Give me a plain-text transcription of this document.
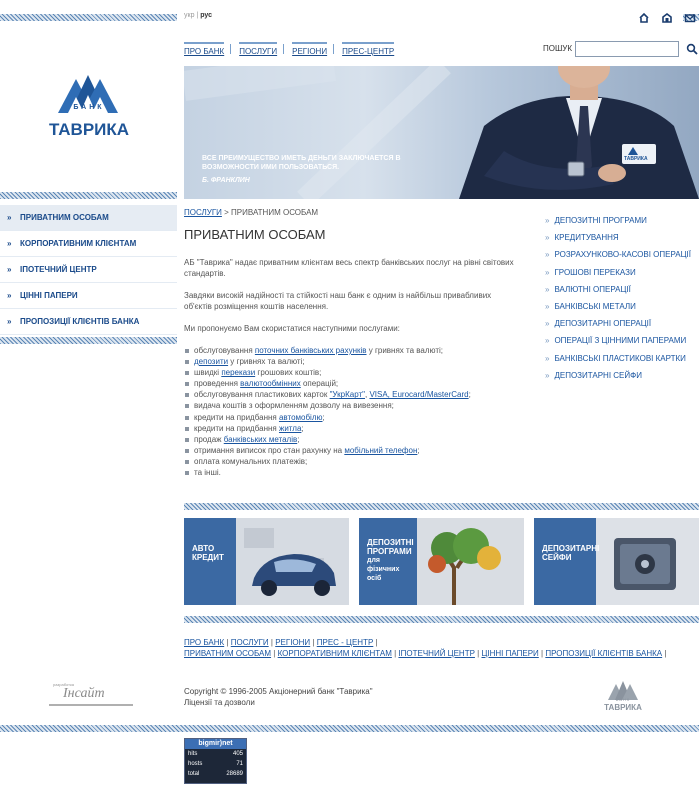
укр | рус
ПРО БАНК ПОСЛУГИ РЕГІОНИ ПРЕС-ЦЕНТР	ПОШУК
БАНК
ТАВРИКА
ТАВРИКА
ВСЕ ПРЕИМУЩЕСТВО ИМЕТЬ ДЕНЬГИ ЗАКЛЮЧАЕТСЯ В ВОЗМОЖНОСТИ ИМИ ПОЛЬЗОВАТЬСЯ.
Б. ФРАНКЛИН
» ПРИВАТНИМ ОСОБАМ
» КОРПОРАТИВНИМ КЛІЄНТАМ
» ІПОТЕЧНИЙ ЦЕНТР
» ЦІННІ ПАПЕРИ
» ПРОПОЗИЦІЇ КЛІЄНТІВ БАНКА
ПОСЛУГИ > ПРИВАТНИМ ОСОБАМ
ПРИВАТНИМ ОСОБАМ

АБ "Таврика" надає приватним клієнтам весь спектр банківських послуг на рівні світових стандартів.

Завдяки високій надійності та стійкості наш банк є одним із найбільш привабливих об'єктів розміщення коштів населення.

Ми пропонуємо Вам скористатися наступними послугами:

обслуговування поточних банківських рахунків у гривнях та валюті;
депозити у гривнях та валюті;
швидкі перекази грошових коштів;
проведення валютообмінних операцій;
обслуговування пластикових карток "УкрКарт", VISA, Eurocard/MasterCard;
видача коштів з оформленням дозволу на вивезення;
кредити на придбання автомобілю;
кредити на придбання житла;
продаж банківських металів;
отримання виписок про стан рахунку на мобільний телефон;
оплата комунальних платежів;
та інші.
» ДЕПОЗИТНІ ПРОГРАМИ
» КРЕДИТУВАННЯ
» РОЗРАХУНКОВО-КАСОВІ ОПЕРАЦІЇ
» ГРОШОВІ ПЕРЕКАЗИ
» ВАЛЮТНІ ОПЕРАЦІЇ
» БАНКІВСЬКІ МЕТАЛИ
» ДЕПОЗИТАРНІ ОПЕРАЦІЇ
» ОПЕРАЦІЇ З ЦІННИМИ ПАПЕРАМИ
» БАНКІВСЬКІ ПЛАСТИКОВІ КАРТКИ
» ДЕПОЗИТАРНІ СЕЙФИ
АВТО
КРЕДИТ
ДЕПОЗИТНІ
ПРОГРАМИ
для фізичних
осіб
ДЕПОЗИТАРНІ
СЕЙФИ
ПРО БАНК | ПОСЛУГИ | РЕГІОНИ | ПРЕС - ЦЕНТР |
ПРИВАТНИМ ОСОБАМ | КОРПОРАТИВНИМ КЛІЄНТАМ | ІПОТЕЧНИЙ ЦЕНТР | ЦІННІ ПАПЕРИ | ПРОПОЗИЦІЇ КЛІЄНТІВ БАНКА |
разработка
Інсайт	Copyright © 1996-2005 Акціонерний банк "Таврика"
Ліцензії та дозволи	БАНК
ТАВРИКА
bigmir)net
hits	405
hosts	71
total	28689
